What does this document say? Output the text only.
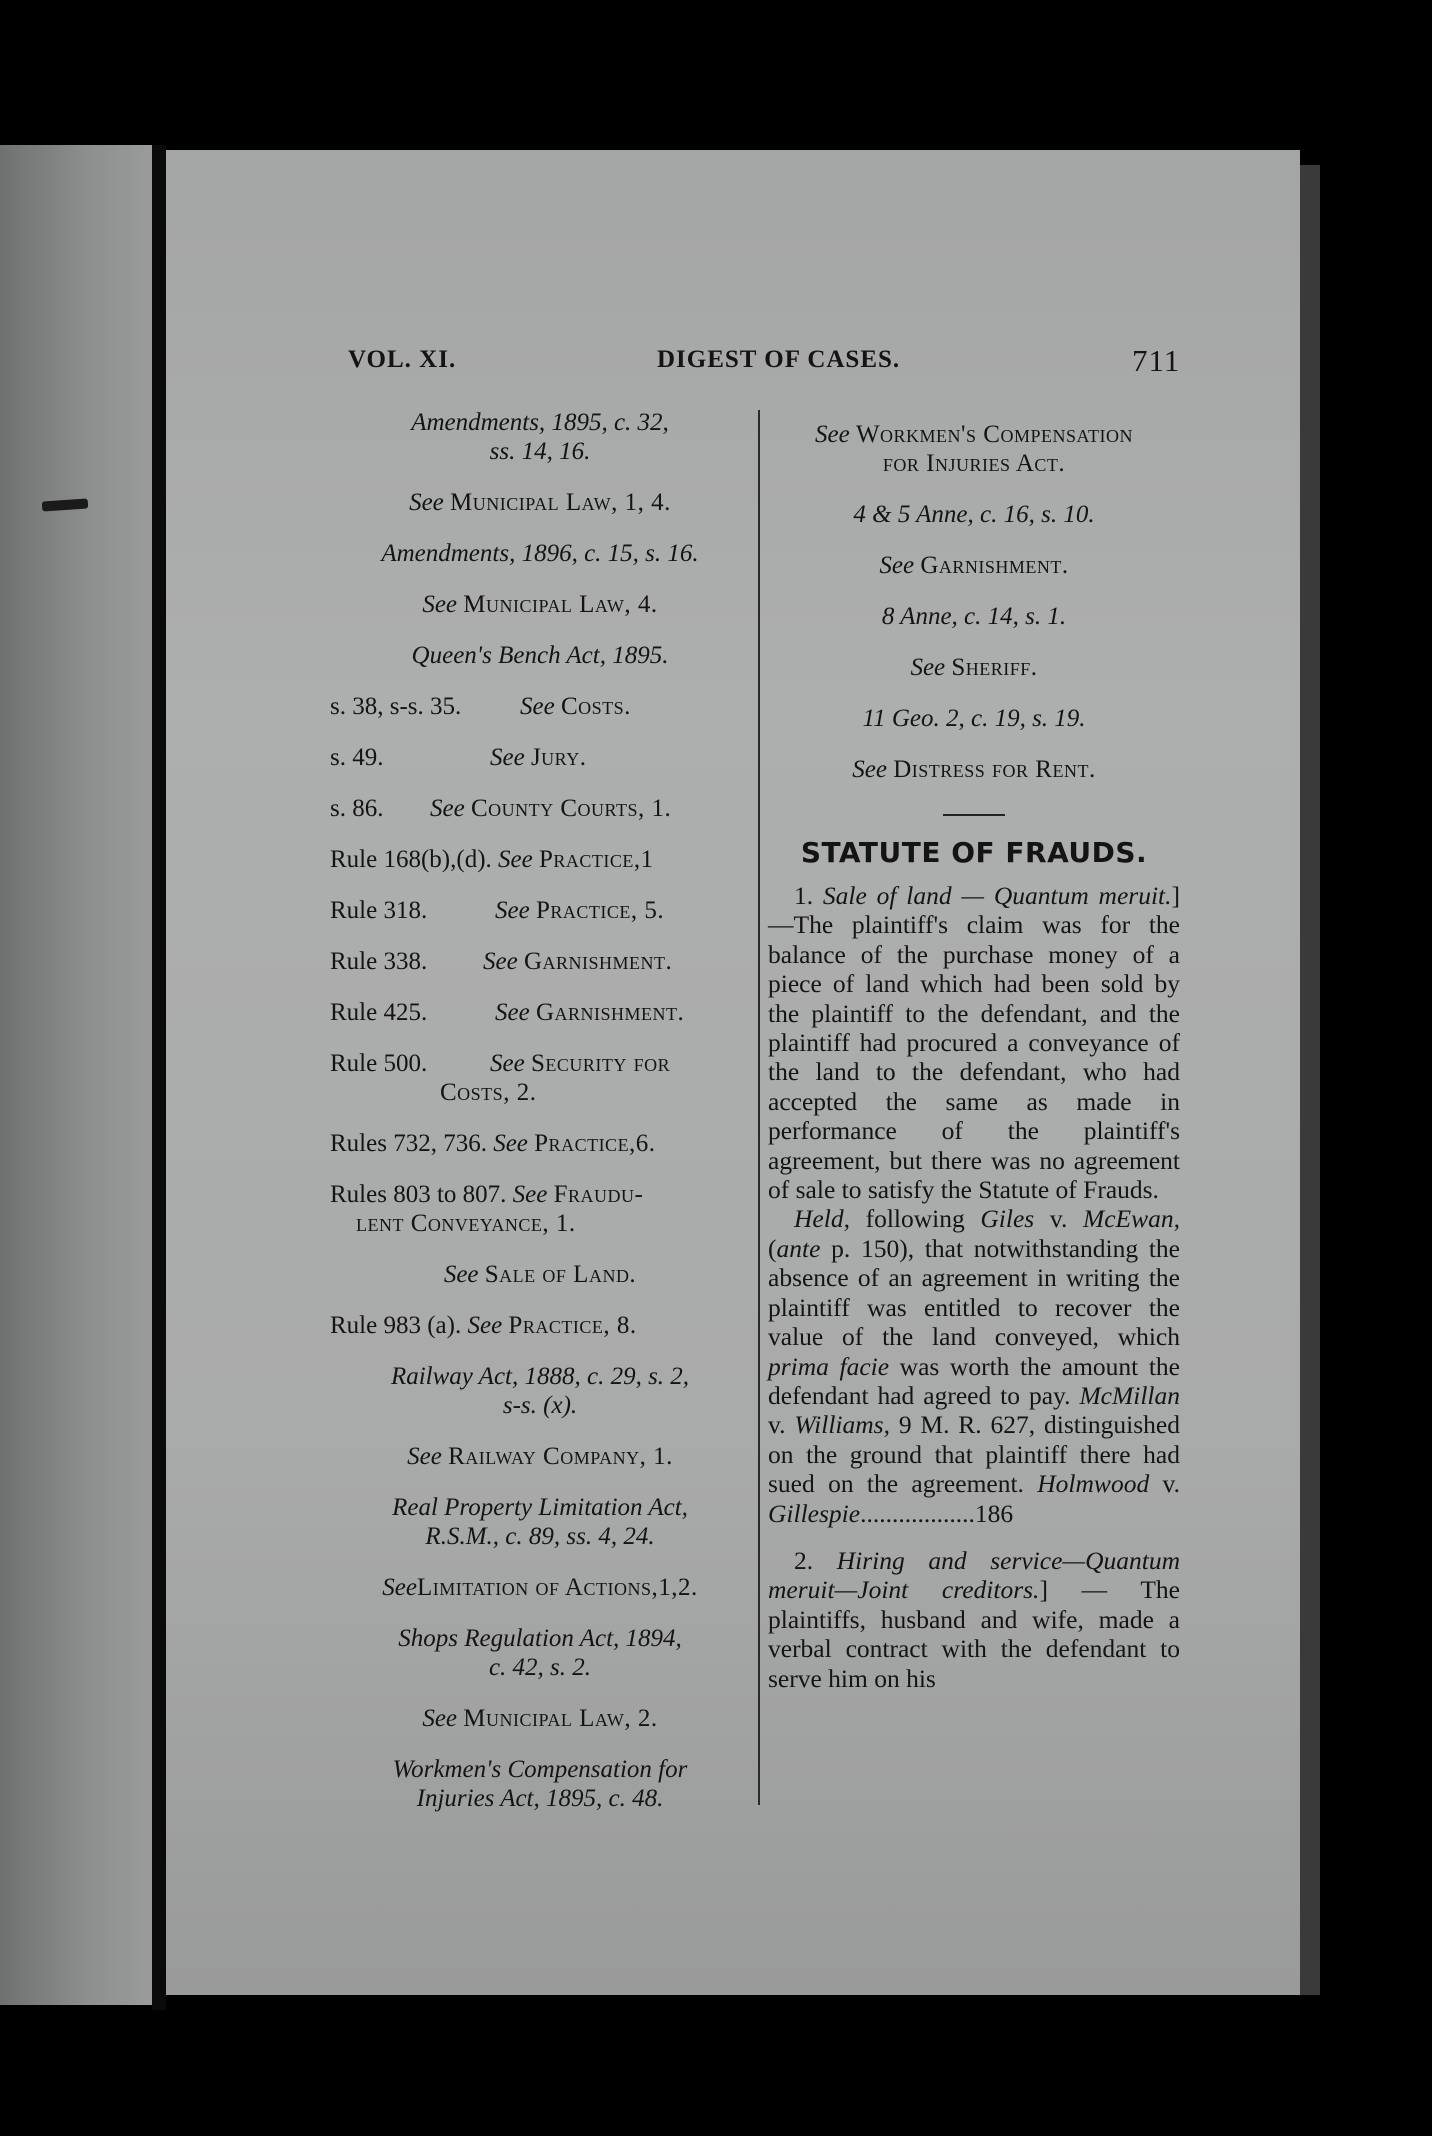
VOL. XI.	DIGEST OF CASES.	711

Amendments, 1895, c. 32,
ss. 14, 16.

See Municipal Law, 1, 4.

Amendments, 1896, c. 15, s. 16.

See Municipal Law, 4.

Queen's Bench Act, 1895.

s. 38, s-s. 35. See Costs.

s. 49.	See Jury.

s. 86. See County Courts, 1.

Rule 168(b),(d). See Practice,1

Rule 318.	See Practice, 5.

Rule 338. See Garnishment.

Rule 425.	See Garnishment.

Rule 500.	See Security for
Costs, 2.

Rules 732, 736. See Practice,6.

Rules 803 to 807. See Fraudu-
lent Conveyance, 1.

See Sale of Land.

Rule 983 (a). See Practice, 8.

Railway Act, 1888, c. 29, s. 2,
s-s. (x).

See Railway Company, 1.

Real Property Limitation Act,
R.S.M., c. 89, ss. 4, 24.

SeeLimitation of Actions,1,2.

Shops Regulation Act, 1894,
c. 42, s. 2.

See Municipal Law, 2.

Workmen's Compensation for
Injuries Act, 1895, c. 48.

See Workmen's Compensation
for Injuries Act.

4 & 5 Anne, c. 16, s. 10.

See Garnishment.

8 Anne, c. 14, s. 1.

See Sheriff.

11 Geo. 2, c. 19, s. 19.

See Distress for Rent.

STATUTE OF FRAUDS.

1. Sale of land — Quantum meruit.]—The plaintiff's claim was for the balance of the purchase money of a piece of land which had been sold by the plaintiff to the defendant, and the plaintiff had procured a conveyance of the land to the defendant, who had accepted the same as made in performance of the plaintiff's agreement, but there was no agreement of sale to satisfy the Statute of Frauds.

Held, following Giles v. McEwan, (ante p. 150), that notwithstanding the absence of an agreement in writing the plaintiff was entitled to recover the value of the land conveyed, which prima facie was worth the amount the defendant had agreed to pay. McMillan v. Williams, 9 M. R. 627, distinguished on the ground that plaintiff there had sued on the agreement. Holmwood v. Gillespie..................186

2. Hiring and service—Quantum meruit—Joint creditors.] — The plaintiffs, husband and wife, made a verbal contract with the defendant to serve him on his
